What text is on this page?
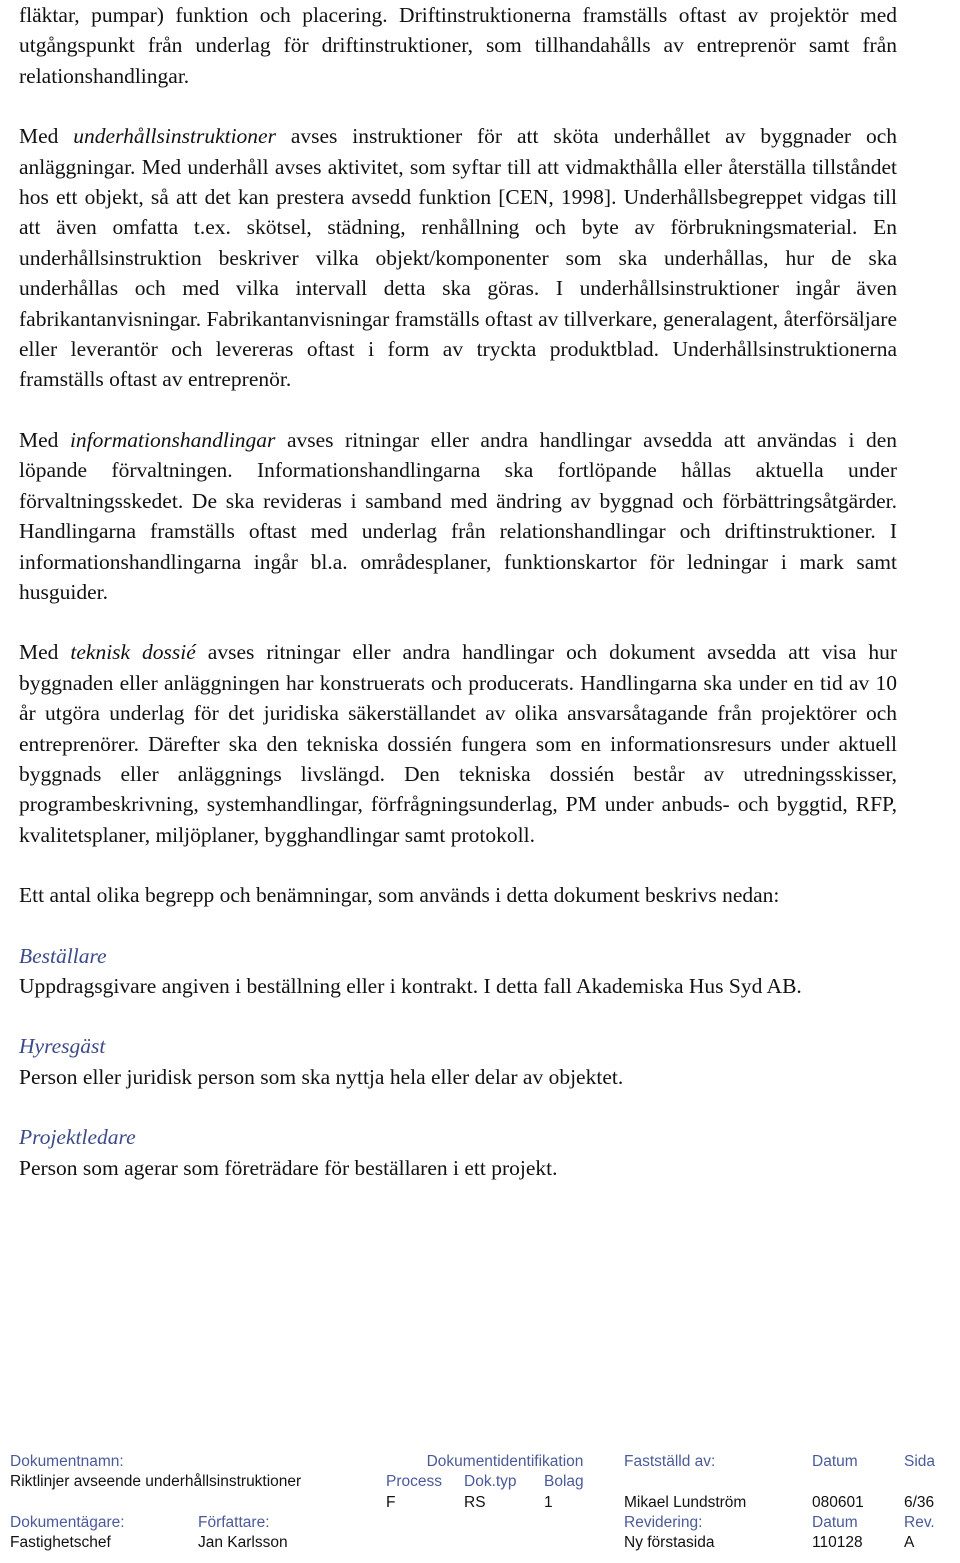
fläktar, pumpar) funktion och placering. Driftinstruktionerna framställs oftast av projektör med utgångspunkt från underlag för driftinstruktioner, som tillhandahålls av entreprenör samt från relationshandlingar.

Med underhållsinstruktioner avses instruktioner för att sköta underhållet av byggnader och anläggningar. Med underhåll avses aktivitet, som syftar till att vidmakthålla eller återställa tillståndet hos ett objekt, så att det kan prestera avsedd funktion [CEN, 1998]. Underhållsbegreppet vidgas till att även omfatta t.ex. skötsel, städning, renhållning och byte av förbrukningsmaterial. En underhållsinstruktion beskriver vilka objekt/komponenter som ska underhållas, hur de ska underhållas och med vilka intervall detta ska göras. I underhållsinstruktioner ingår även fabrikantanvisningar. Fabrikantanvisningar framställs oftast av tillverkare, generalagent, återförsäljare eller leverantör och levereras oftast i form av tryckta produktblad. Underhållsinstruktionerna framställs oftast av entreprenör.

Med informationshandlingar avses ritningar eller andra handlingar avsedda att användas i den löpande förvaltningen. Informationshandlingarna ska fortlöpande hållas aktuella under förvaltningsskedet. De ska revideras i samband med ändring av byggnad och förbättringsåtgärder. Handlingarna framställs oftast med underlag från relationshandlingar och driftinstruktioner. I informationshandlingarna ingår bl.a. områdesplaner, funktionskartor för ledningar i mark samt husguider.

Med teknisk dossié avses ritningar eller andra handlingar och dokument avsedda att visa hur byggnaden eller anläggningen har konstruerats och producerats. Handlingarna ska under en tid av 10 år utgöra underlag för det juridiska säkerställandet av olika ansvarsåtagande från projektörer och entreprenörer. Därefter ska den tekniska dossién fungera som en informationsresurs under aktuell byggnads eller anläggnings livslängd. Den tekniska dossién består av utredningsskisser, programbeskrivning, systemhandlingar, förfrågningsunderlag, PM under anbuds- och byggtid, RFP, kvalitetsplaner, miljöplaner, bygghandlingar samt protokoll.

Ett antal olika begrepp och benämningar, som används i detta dokument beskrivs nedan:

Beställare

Uppdragsgivare angiven i beställning eller i kontrakt. I detta fall Akademiska Hus Syd AB.

Hyresgäst

Person eller juridisk person som ska nyttja hela eller delar av objektet.

Projektledare

Person som agerar som företrädare för beställaren i ett projekt.

Dokumentnamn:		Dokumentidentifikation			Fastställd av:	Datum	Sida
Riktlinjer avseende underhållsinstruktioner		Process	Dok.typ	Bolag			
		F	RS	1	Mikael Lundström	080601	6/36
Dokumentägare:	Författare:				Revidering:	Datum	Rev.
Fastighetschef	Jan Karlsson				Ny förstasida	110128	A
